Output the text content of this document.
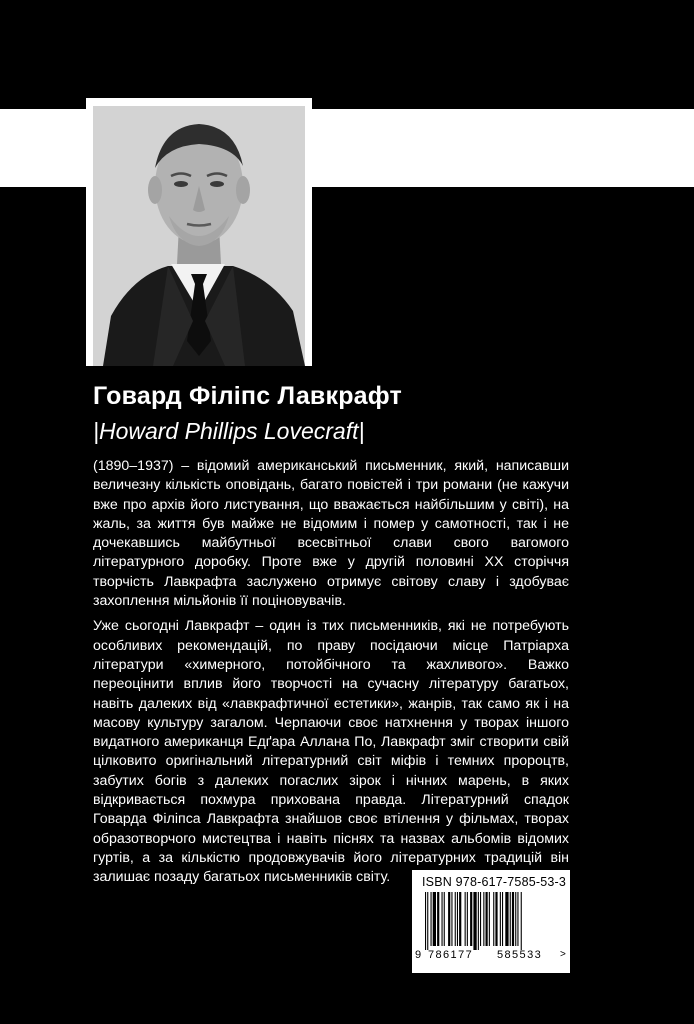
Говард Філіпс Лавкрафт
|Howard Phillips Lovecraft|

(1890–1937) – відомий американський письменник, який, написавши величезну кількість оповідань, багато повістей і три романи (не кажучи вже про архів його листування, що вважається найбільшим у світі), на жаль, за життя був майже не відомим і помер у самотності, так і не дочекавшись майбутньої всесвітньої слави свого вагомого літературного доробку. Проте вже у другій половині XX сторіччя творчість Лавкрафта заслужено отримує світову славу і здобуває захоплення мільйонів її поціновувачів.

Уже сьогодні Лавкрафт – один із тих письменників, які не потребують особливих рекомендацій, по праву посідаючи місце Патріарха літератури «химерного, потойбічного та жахливого». Важко переоцінити вплив його творчості на сучасну літературу багатьох, навіть далеких від «лавкрафтичної естетики», жанрів, так само як і на масову культуру загалом. Черпаючи своє натхнення у творах іншого видатного американця Едґара Аллана По, Лавкрафт зміг створити свій цілковито оригінальний літературний світ міфів і темних пророцтв, забутих богів з далеких погаслих зірок і нічних марень, в яких відкривається похмура прихована правда. Літературний спадок Говарда Філіпса Лавкрафта знайшов своє втілення у фільмах, творах образотворчого мистецтва і навіть піснях та назвах альбомів відомих гуртів, а за кількістю продовжувачів його літературних традицій він залишає позаду багатьох письменників світу.	ISBN 978-617-7585-53-3
9 786177 585533 >
